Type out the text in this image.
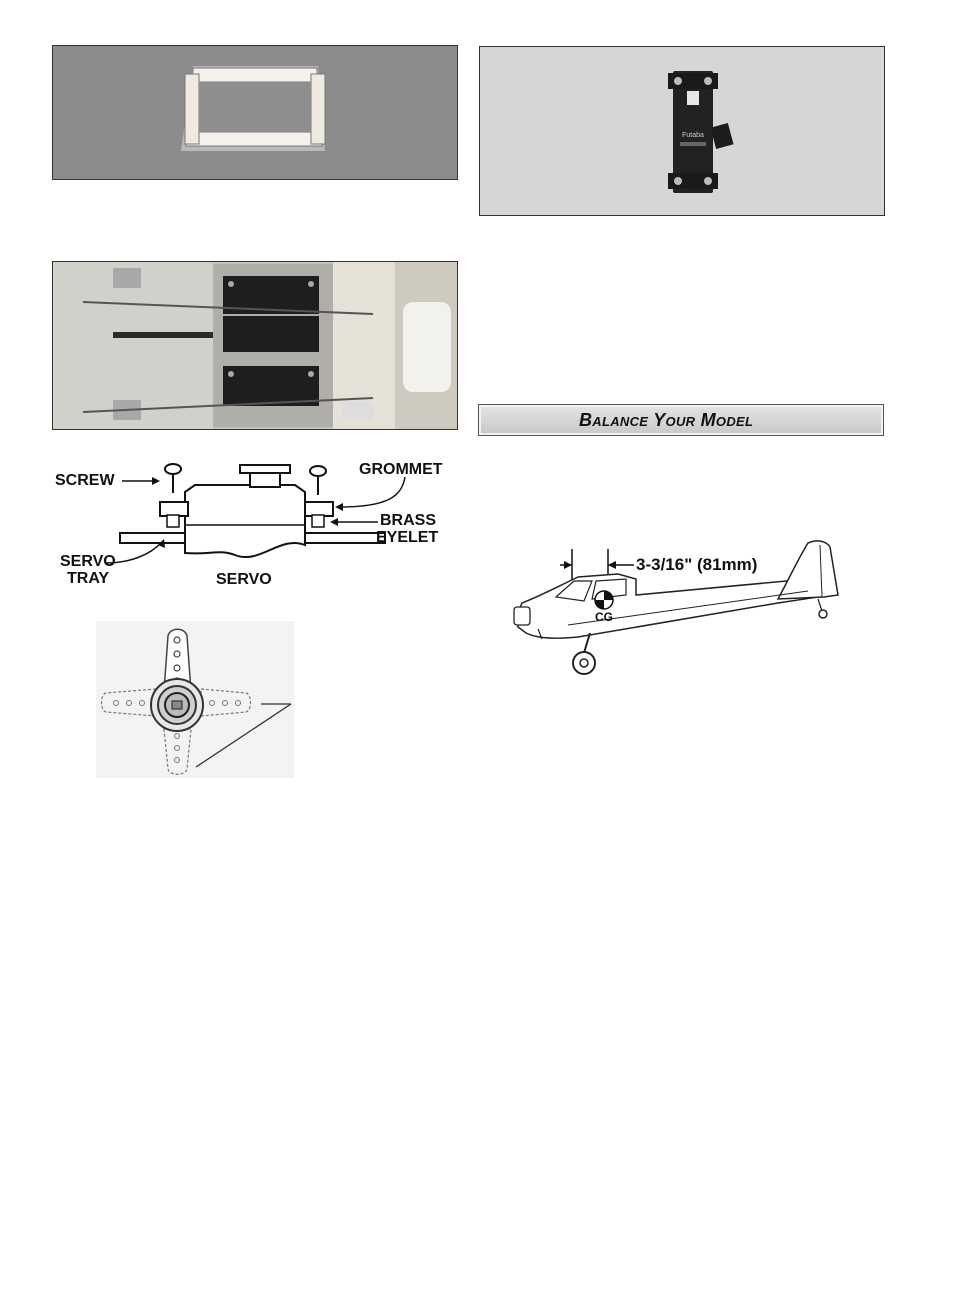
Futaba
SCREW
GROMMET
BRASS
EYELET
SERVO
TRAY	SERVO
Balance Your Model
CG
3-3/16" (81mm)
